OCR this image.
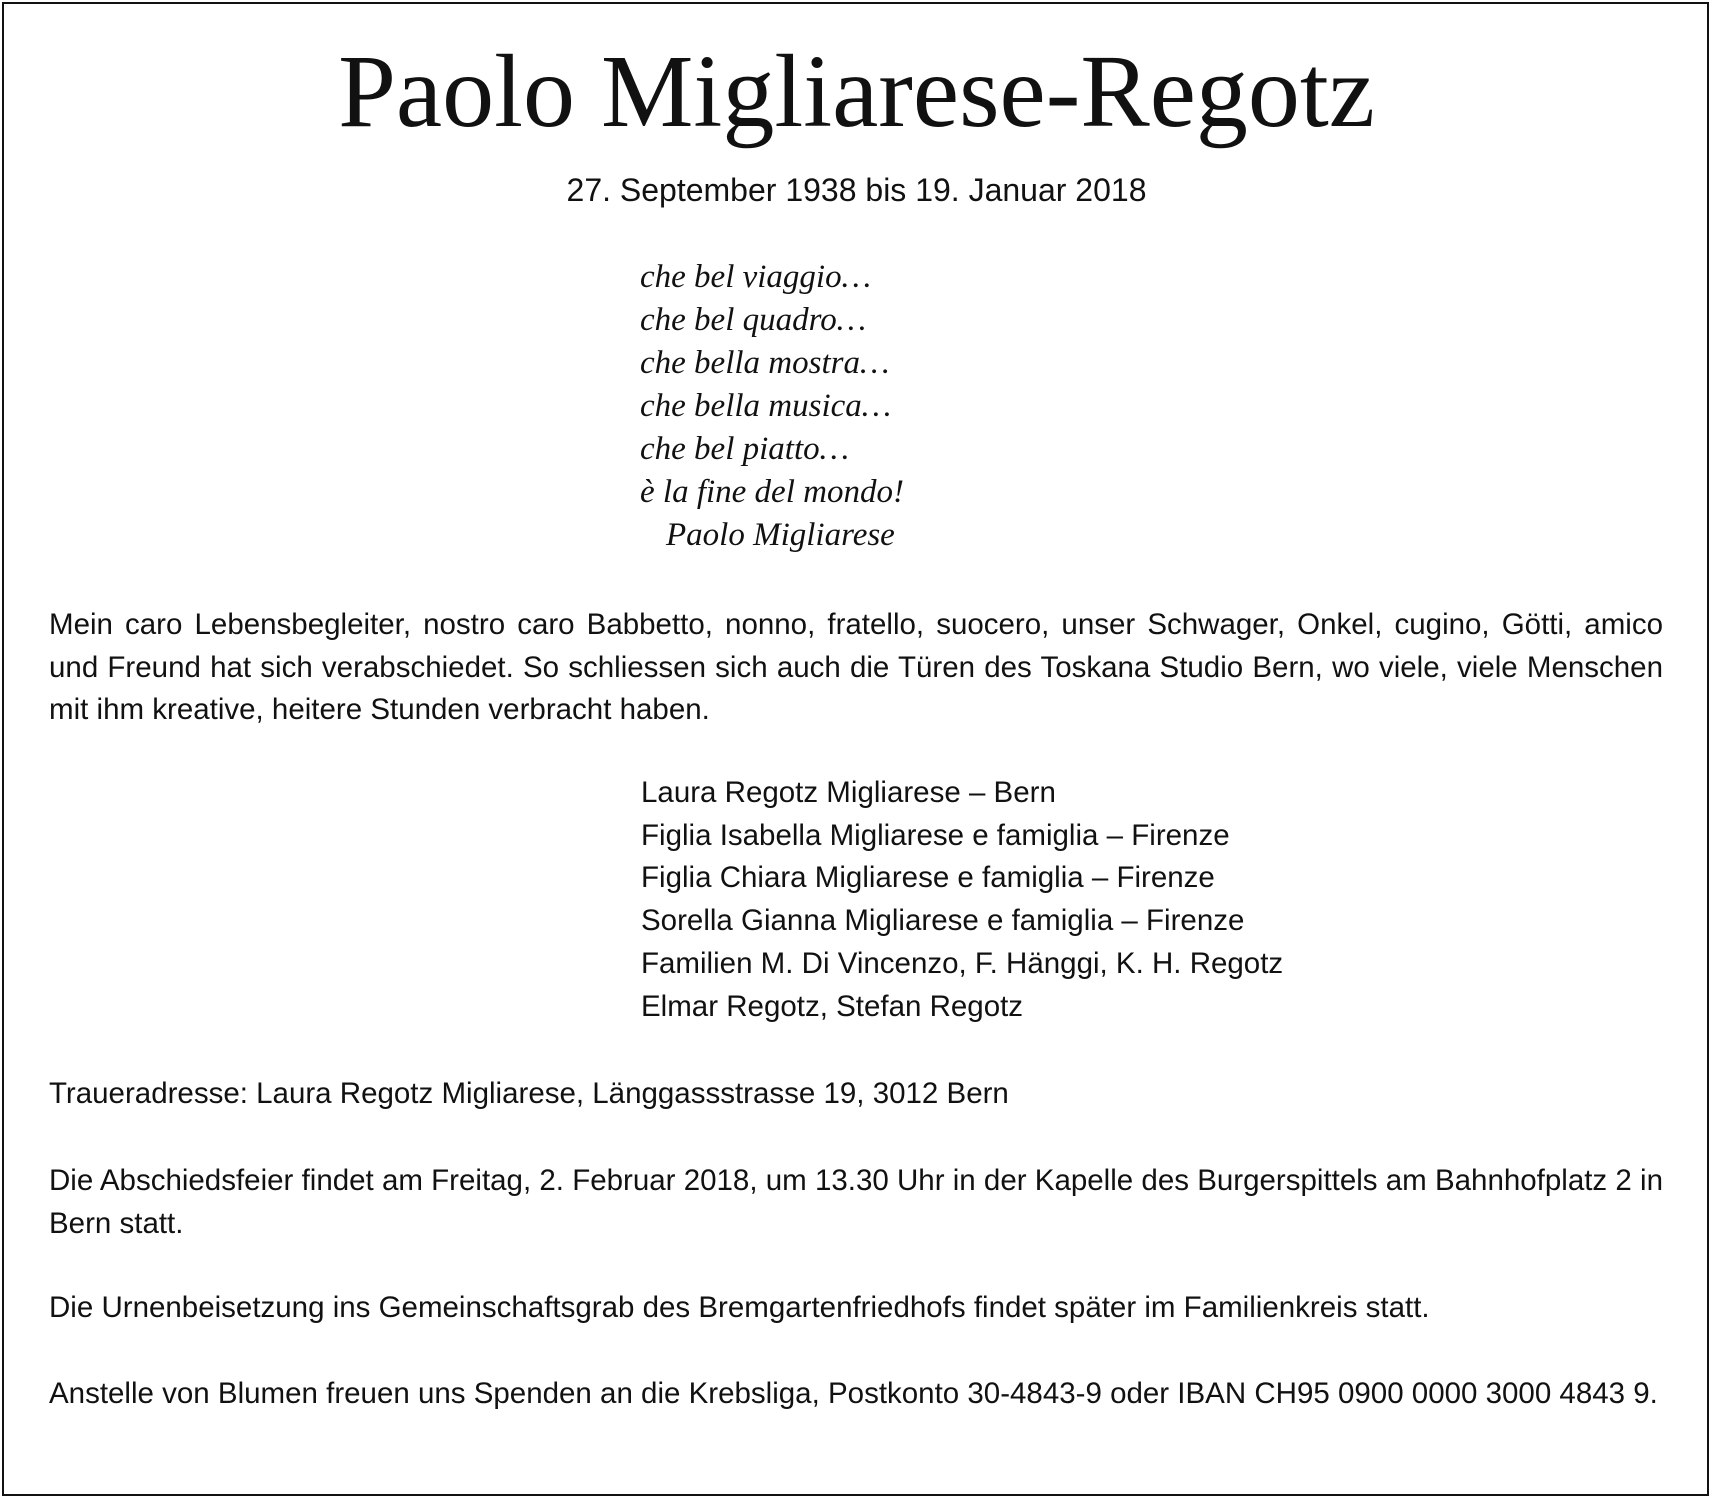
Paolo Migliarese-Regotz
27. September 1938 bis 19. Januar 2018
che bel viaggio…
che bel quadro…
che bella mostra…
che bella musica…
che bel piatto…
è la fine del mondo!
Paolo Migliarese

Mein caro Lebensbegleiter, nostro caro Babbetto, nonno, fratello, suocero, unser Schwager, Onkel, cugino, Götti, amico und Freund hat sich verabschiedet. So schliessen sich auch die Türen des Toskana Studio Bern, wo viele, viele Menschen mit ihm kreative, heitere Stunden verbracht haben.

Laura Regotz Migliarese – Bern
Figlia Isabella Migliarese e famiglia – Firenze
Figlia Chiara Migliarese e famiglia – Firenze
Sorella Gianna Migliarese e famiglia – Firenze
Familien M. Di Vincenzo, F. Hänggi, K. H. Regotz
Elmar Regotz, Stefan Regotz

Traueradresse: Laura Regotz Migliarese, Länggassstrasse 19, 3012 Bern

Die Abschiedsfeier findet am Freitag, 2. Februar 2018, um 13.30 Uhr in der Kapelle des Burgerspittels am Bahnhofplatz 2 in Bern statt.

Die Urnenbeisetzung ins Gemeinschaftsgrab des Bremgartenfriedhofs findet später im Familienkreis statt.

Anstelle von Blumen freuen uns Spenden an die Krebsliga, Postkonto 30-4843-9 oder IBAN CH95 0900 0000 3000 4843 9.
